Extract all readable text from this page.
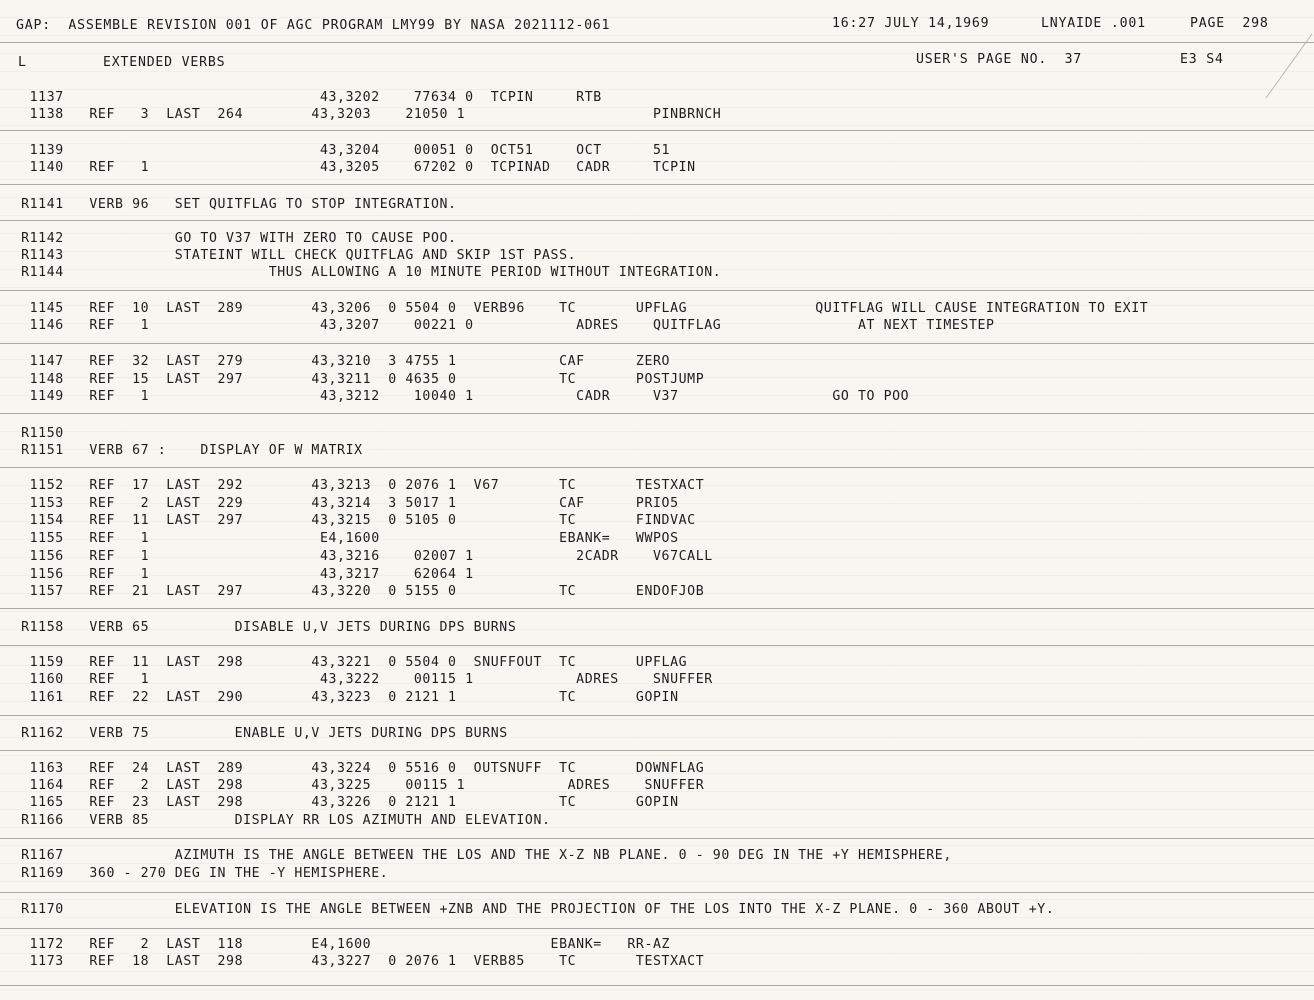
GAP:  ASSEMBLE REVISION 001 OF AGC PROGRAM LMY99 BY NASA 2021112-061	16:27 JULY 14,1969	LNYAIDE .001	PAGE  298
L	EXTENDED VERBS	USER'S PAGE NO.  37	E3 S4
1137                              43,3202    77634 0  TCPIN     RTB
1138   REF   3  LAST  264        43,3203    21050 1                      PINBRNCH
1139                              43,3204    00051 0  OCT51     OCT      51
1140   REF   1                    43,3205    67202 0  TCPINAD   CADR     TCPIN
R1141   VERB 96   SET QUITFLAG TO STOP INTEGRATION.
R1142             GO TO V37 WITH ZERO TO CAUSE POO.
R1143             STATEINT WILL CHECK QUITFLAG AND SKIP 1ST PASS.
R1144                        THUS ALLOWING A 10 MINUTE PERIOD WITHOUT INTEGRATION.
1145   REF  10  LAST  289        43,3206  0 5504 0  VERB96    TC       UPFLAG               QUITFLAG WILL CAUSE INTEGRATION TO EXIT
1146   REF   1                    43,3207    00221 0            ADRES    QUITFLAG                AT NEXT TIMESTEP
1147   REF  32  LAST  279        43,3210  3 4755 1            CAF      ZERO
1148   REF  15  LAST  297        43,3211  0 4635 0            TC       POSTJUMP
1149   REF   1                    43,3212    10040 1            CADR     V37                  GO TO POO
R1150
R1151   VERB 67 :    DISPLAY OF W MATRIX
1152   REF  17  LAST  292        43,3213  0 2076 1  V67       TC       TESTXACT
1153   REF   2  LAST  229        43,3214  3 5017 1            CAF      PRIO5
1154   REF  11  LAST  297        43,3215  0 5105 0            TC       FINDVAC
1155   REF   1                    E4,1600                     EBANK=   WWPOS
1156   REF   1                    43,3216    02007 1            2CADR    V67CALL
1156   REF   1                    43,3217    62064 1
1157   REF  21  LAST  297        43,3220  0 5155 0            TC       ENDOFJOB
R1158   VERB 65          DISABLE U,V JETS DURING DPS BURNS
1159   REF  11  LAST  298        43,3221  0 5504 0  SNUFFOUT  TC       UPFLAG
1160   REF   1                    43,3222    00115 1            ADRES    SNUFFER
1161   REF  22  LAST  290        43,3223  0 2121 1            TC       GOPIN
R1162   VERB 75          ENABLE U,V JETS DURING DPS BURNS
1163   REF  24  LAST  289        43,3224  0 5516 0  OUTSNUFF  TC       DOWNFLAG
1164   REF   2  LAST  298        43,3225    00115 1            ADRES    SNUFFER
1165   REF  23  LAST  298        43,3226  0 2121 1            TC       GOPIN
R1166   VERB 85          DISPLAY RR LOS AZIMUTH AND ELEVATION.
R1167             AZIMUTH IS THE ANGLE BETWEEN THE LOS AND THE X-Z NB PLANE. 0 - 90 DEG IN THE +Y HEMISPHERE,
R1169   360 - 270 DEG IN THE -Y HEMISPHERE.
R1170             ELEVATION IS THE ANGLE BETWEEN +ZNB AND THE PROJECTION OF THE LOS INTO THE X-Z PLANE. 0 - 360 ABOUT +Y.
1172   REF   2  LAST  118        E4,1600                     EBANK=   RR-AZ
1173   REF  18  LAST  298        43,3227  0 2076 1  VERB85    TC       TESTXACT
